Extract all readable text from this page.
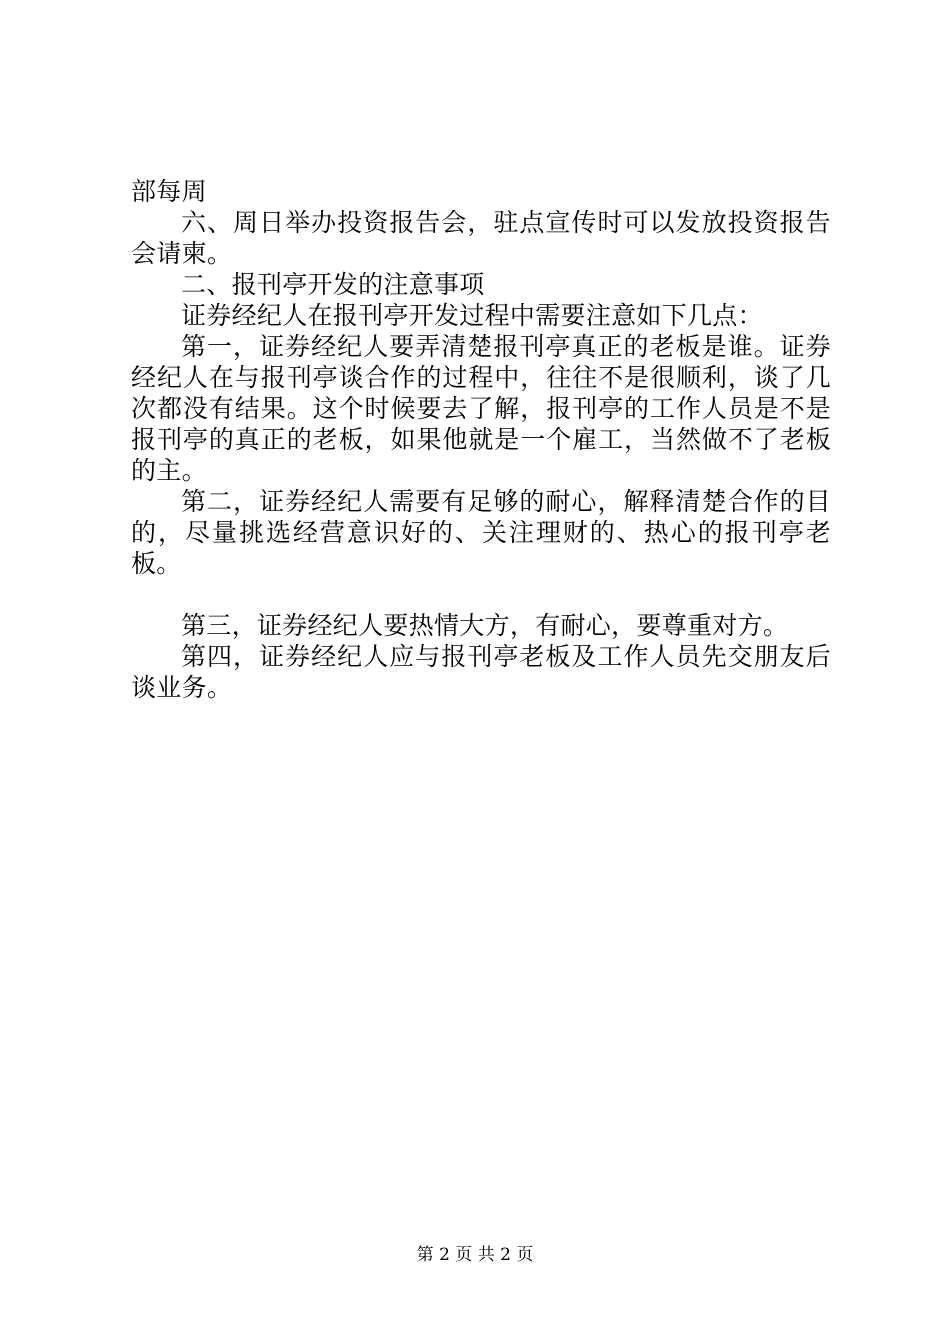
部每周

六、周日举办投资报告会，驻点宣传时可以发放投资报告会请柬。

二、报刊亭开发的注意事项

证券经纪人在报刊亭开发过程中需要注意如下几点：

第一，证券经纪人要弄清楚报刊亭真正的老板是谁。证券经纪人在与报刊亭谈合作的过程中，往往不是很顺利，谈了几次都没有结果。这个时候要去了解，报刊亭的工作人员是不是报刊亭的真正的老板，如果他就是一个雇工，当然做不了老板的主。

第二，证券经纪人需要有足够的耐心，解释清楚合作的目的，尽量挑选经营意识好的、关注理财的、热心的报刊亭老板。

第三，证券经纪人要热情大方，有耐心，要尊重对方。

第四，证券经纪人应与报刊亭老板及工作人员先交朋友后谈业务。

第 2 页 共 2 页
